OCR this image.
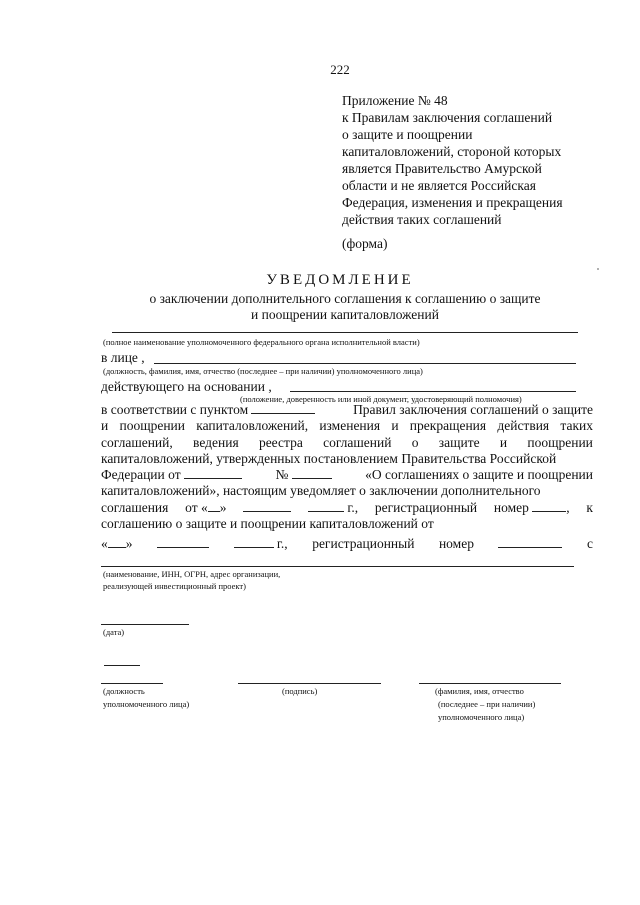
222
Приложение № 48
к Правилам заключения соглашений
о защите и поощрении
капиталовложений, стороной которых
является Правительство Амурской
области и не является Российская
Федерация, изменения и прекращения
действия таких соглашений
(форма)
УВЕДОМЛЕНИЕ
о заключении дополнительного соглашения к соглашению о защите
и поощрении капиталовложений
(полное наименование уполномоченного федерального органа исполнительной власти)
в лице ,
(должность, фамилия, имя, отчество (последнее – при наличии) уполномоченного лица)
действующего на основании ,
(положение, доверенность или иной документ, удостоверяющий полномочия)
в соответствии с пунктом	Правил заключения соглашений о защите
и поощрении капиталовложений, изменения и прекращения действия таких
соглашений, ведения реестра соглашений о защите и поощрении
капиталовложений, утвержденных постановлением Правительства Российской
Федерации от	№	«О соглашениях о защите и поощрении
капиталовложений», настоящим уведомляет о заключении дополнительного
соглашения от « »	г., регистрационный номер	, к
соглашению о защите и поощрении капиталовложений от
« »	г., регистрационный номер	с
(наименование, ИНН, ОГРН, адрес организации,
реализующей инвестиционный проект)
(дата)
(должность
уполномоченного лица)
(подпись)	(фамилия, имя, отчество
(последнее – при наличии)
уполномоченного лица)
